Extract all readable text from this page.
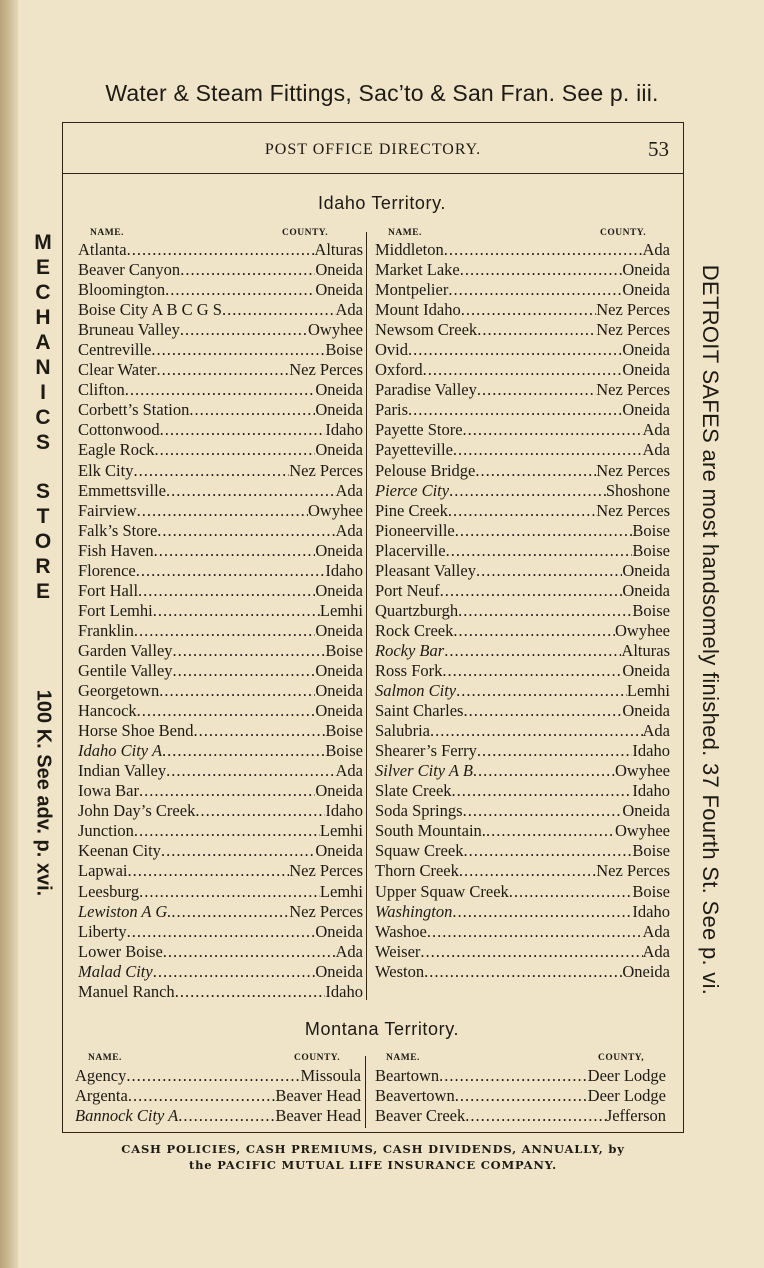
Water & Steam Fittings, Sac’to & San Fran. See p. iii.
POST OFFICE DIRECTORY.	53
M
E
C
H
A
N
I
C
S
S
T
O
R
E
100 K. See adv. p. xvi.	DETROIT SAFES are most handsomely finished. 37 Fourth St. See p. vi.
Idaho Territory.
NAME.	COUNTY.	NAME.	COUNTY.
Atlanta .....	Alturas
Beaver Canyon .....	Oneida
Bloomington .....	Oneida
Boise City A B C G S .....	Ada
Bruneau Valley .....	Owyhee
Centreville .....	Boise
Clear Water .....	Nez Perces
Clifton .....	Oneida
Corbett’s Station .....	Oneida
Cottonwood .....	Idaho
Eagle Rock .....	Oneida
Elk City .....	Nez Perces
Emmettsville .....	Ada
Fairview .....	Owyhee
Falk’s Store .....	Ada
Fish Haven .....	Oneida
Florence .....	Idaho
Fort Hall .....	Oneida
Fort Lemhi .....	Lemhi
Franklin .....	Oneida
Garden Valley .....	Boise
Gentile Valley .....	Oneida
Georgetown .....	Oneida
Hancock .....	Oneida
Horse Shoe Bend .....	Boise
Idaho City A .....	Boise
Indian Valley .....	Ada
Iowa Bar .....	Oneida
John Day’s Creek .....	Idaho
Junction .....	Lemhi
Keenan City .....	Oneida
Lapwai .....	Nez Perces
Leesburg .....	Lemhi
Lewiston A G. .....	Nez Perces
Liberty .....	Oneida
Lower Boise .....	Ada
Malad City .....	Oneida
Manuel Ranch .....	Idaho
Middleton .....	Ada
Market Lake .....	Oneida
Montpelier .....	Oneida
Mount Idaho .....	Nez Perces
Newsom Creek .....	Nez Perces
Ovid .....	Oneida
Oxford .....	Oneida
Paradise Valley .....	Nez Perces
Paris .....	Oneida
Payette Store .....	Ada
Payetteville .....	Ada
Pelouse Bridge .....	Nez Perces
Pierce City .....	Shoshone
Pine Creek .....	Nez Perces
Pioneerville .....	Boise
Placerville .....	Boise
Pleasant Valley .....	Oneida
Port Neuf .....	Oneida
Quartzburgh .....	Boise
Rock Creek .....	Owyhee
Rocky Bar .....	Alturas
Ross Fork .....	Oneida
Salmon City .....	Lemhi
Saint Charles .....	Oneida
Salubria .....	Ada
Shearer’s Ferry .....	Idaho
Silver City A B .....	Owyhee
Slate Creek .....	Idaho
Soda Springs .....	Oneida
South Mountain. .....	Owyhee
Squaw Creek .....	Boise
Thorn Creek .....	Nez Perces
Upper Squaw Creek .....	Boise
Washington .....	Idaho
Washoe .....	Ada
Weiser .....	Ada
Weston .....	Oneida
Montana Territory.
NAME.	COUNTY.	NAME.	COUNTY,
Agency .....	Missoula
Argenta .....	Beaver Head
Bannock City A .....	Beaver Head
Beartown .....	Deer Lodge
Beavertown .....	Deer Lodge
Beaver Creek .....	Jefferson
CASH POLICIES, CASH PREMIUMS, CASH DIVIDENDS, ANNUALLY, by
the PACIFIC MUTUAL LIFE INSURANCE COMPANY.
